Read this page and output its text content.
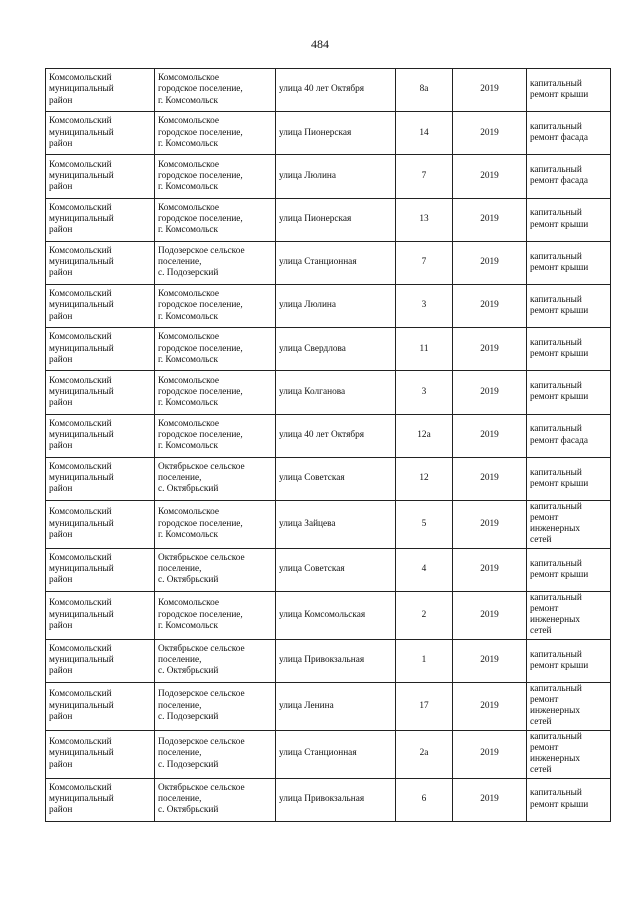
484
Комсомольский
муниципальный
район	Комсомольское
городское поселение,
г. Комсомольск	улица 40 лет Октября	8а	2019	капитальный
ремонт крыши
Комсомольский
муниципальный
район	Комсомольское
городское поселение,
г. Комсомольск	улица Пионерская	14	2019	капитальный
ремонт фасада
Комсомольский
муниципальный
район	Комсомольское
городское поселение,
г. Комсомольск	улица Люлина	7	2019	капитальный
ремонт фасада
Комсомольский
муниципальный
район	Комсомольское
городское поселение,
г. Комсомольск	улица Пионерская	13	2019	капитальный
ремонт крыши
Комсомольский
муниципальный
район	Подозерское сельское
поселение,
с. Подозерский	улица Станционная	7	2019	капитальный
ремонт крыши
Комсомольский
муниципальный
район	Комсомольское
городское поселение,
г. Комсомольск	улица Люлина	3	2019	капитальный
ремонт крыши
Комсомольский
муниципальный
район	Комсомольское
городское поселение,
г. Комсомольск	улица Свердлова	11	2019	капитальный
ремонт крыши
Комсомольский
муниципальный
район	Комсомольское
городское поселение,
г. Комсомольск	улица Колганова	3	2019	капитальный
ремонт крыши
Комсомольский
муниципальный
район	Комсомольское
городское поселение,
г. Комсомольск	улица 40 лет Октября	12а	2019	капитальный
ремонт фасада
Комсомольский
муниципальный
район	Октябрьское сельское
поселение,
с. Октябрьский	улица Советская	12	2019	капитальный
ремонт крыши
Комсомольский
муниципальный
район	Комсомольское
городское поселение,
г. Комсомольск	улица Зайцева	5	2019	капитальный
ремонт
инженерных
сетей
Комсомольский
муниципальный
район	Октябрьское сельское
поселение,
с. Октябрьский	улица Советская	4	2019	капитальный
ремонт крыши
Комсомольский
муниципальный
район	Комсомольское
городское поселение,
г. Комсомольск	улица Комсомольская	2	2019	капитальный
ремонт
инженерных
сетей
Комсомольский
муниципальный
район	Октябрьское сельское
поселение,
с. Октябрьский	улица Привокзальная	1	2019	капитальный
ремонт крыши
Комсомольский
муниципальный
район	Подозерское сельское
поселение,
с. Подозерский	улица Ленина	17	2019	капитальный
ремонт
инженерных
сетей
Комсомольский
муниципальный
район	Подозерское сельское
поселение,
с. Подозерский	улица Станционная	2а	2019	капитальный
ремонт
инженерных
сетей
Комсомольский
муниципальный
район	Октябрьское сельское
поселение,
с. Октябрьский	улица Привокзальная	6	2019	капитальный
ремонт крыши
